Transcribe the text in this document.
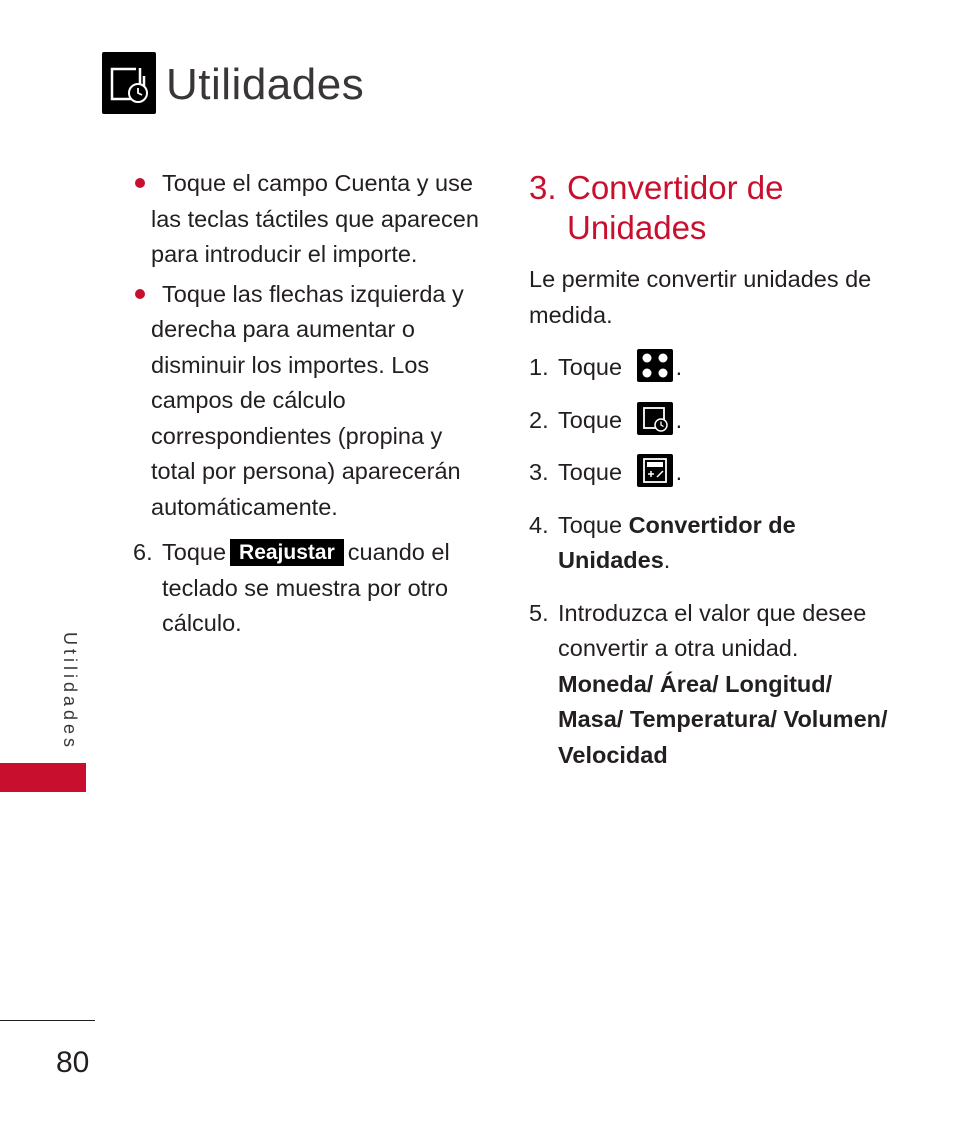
Utilidades
Toque el campo Cuenta y use las teclas táctiles que aparecen para introducir el importe.
Toque las flechas izquierda y derecha para aumentar o disminuir los importes. Los campos de cálculo correspondientes (propina y total por persona) aparecerán automáticamente.
6. Toque Reajustar cuando el teclado se muestra por otro cálculo.
3. Convertidor de Unidades
Le permite convertir unidades de medida.
1. Toque .
2. Toque .
3. Toque .
4. Toque Convertidor de Unidades.
5. Introduzca el valor que desee convertir a otra unidad. Moneda/ Área/ Longitud/ Masa/ Temperatura/ Volumen/ Velocidad
Utilidades
80
